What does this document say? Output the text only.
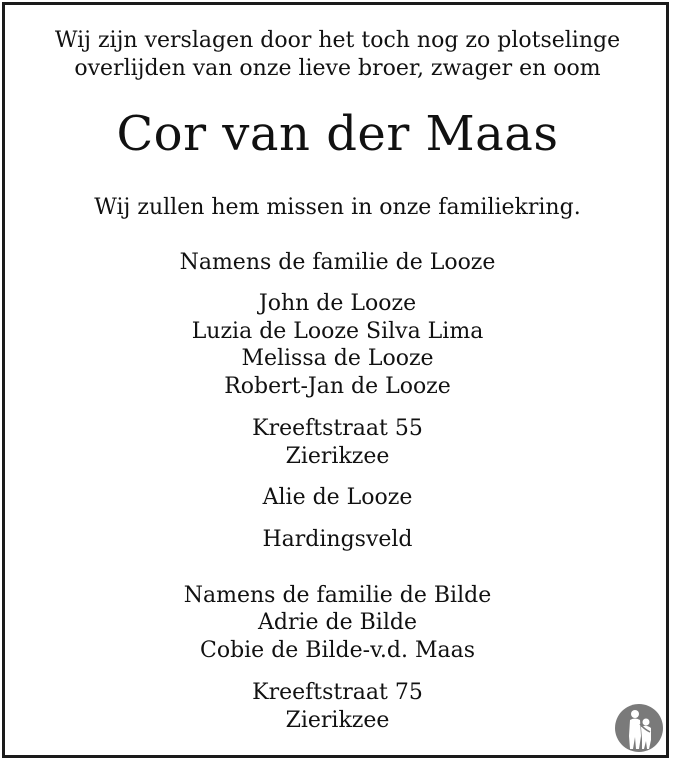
Wij zijn verslagen door het toch nog zo plotselinge
overlijden van onze lieve broer, zwager en oom
Cor van der Maas
Wij zullen hem missen in onze familiekring.
Namens de familie de Looze
John de Looze
Luzia de Looze Silva Lima
Melissa de Looze
Robert-Jan de Looze
Kreeftstraat 55
Zierikzee
Alie de Looze
Hardingsveld
Namens de familie de Bilde
Adrie de Bilde
Cobie de Bilde-v.d. Maas
Kreeftstraat 75
Zierikzee
